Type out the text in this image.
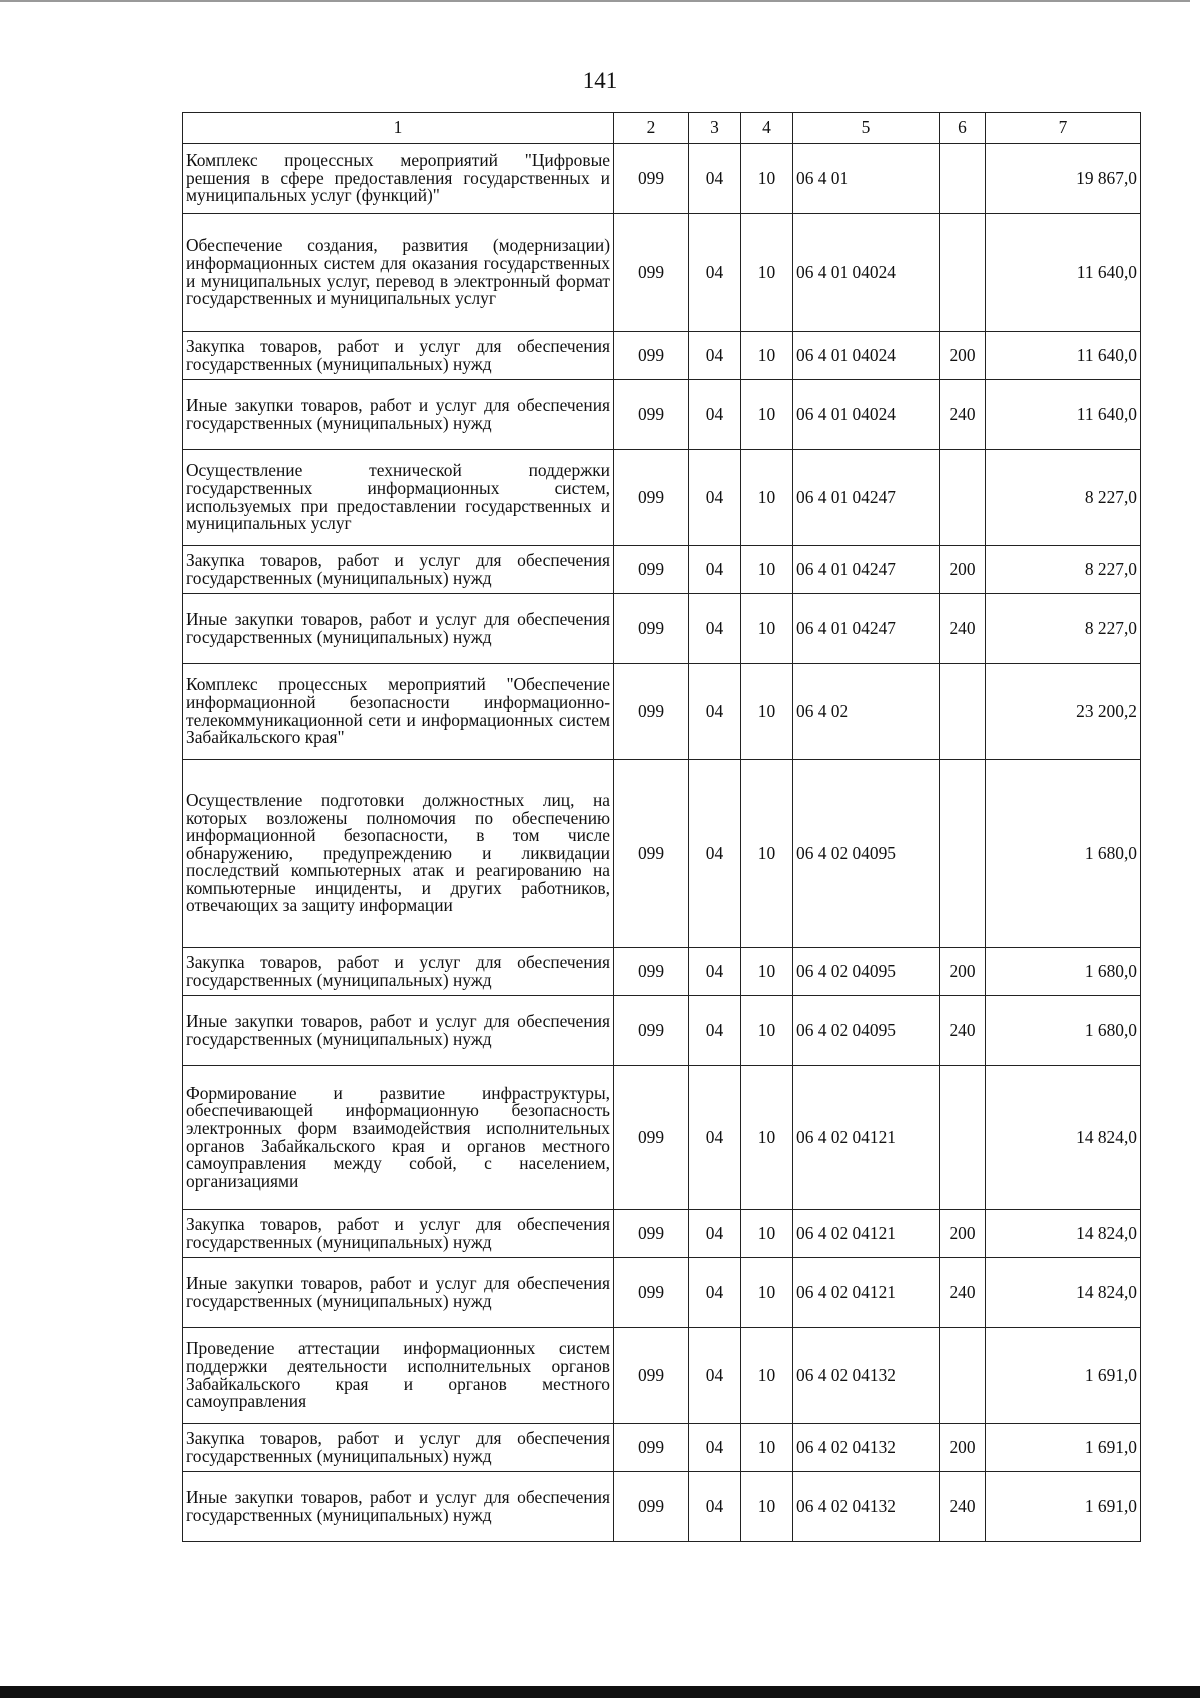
141
1	2	3	4	5	6	7
Комплекс процессных мероприятий "Цифровые решения в сфере предоставления государственных и муниципальных услуг (функций)"	099	04	10	06 4 01		19 867,0
Обеспечение создания, развития (модернизации) информационных систем для оказания государственных и муниципальных услуг, перевод в электронный формат государственных и муниципальных услуг	099	04	10	06 4 01 04024		11 640,0
Закупка товаров, работ и услуг для обеспечения государственных (муниципальных) нужд	099	04	10	06 4 01 04024	200	11 640,0
Иные закупки товаров, работ и услуг для обеспечения государственных (муниципальных) нужд	099	04	10	06 4 01 04024	240	11 640,0
Осуществление технической поддержки государственных информационных систем, используемых при предоставлении государственных и муниципальных услуг	099	04	10	06 4 01 04247		8 227,0
Закупка товаров, работ и услуг для обеспечения государственных (муниципальных) нужд	099	04	10	06 4 01 04247	200	8 227,0
Иные закупки товаров, работ и услуг для обеспечения государственных (муниципальных) нужд	099	04	10	06 4 01 04247	240	8 227,0
Комплекс процессных мероприятий "Обеспечение информационной безопасности информационно-телекоммуникационной сети и информационных систем Забайкальского края"	099	04	10	06 4 02		23 200,2
Осуществление подготовки должностных лиц, на которых возложены полномочия по обеспечению информационной безопасности, в том числе обнаружению, предупреждению и ликвидации последствий компьютерных атак и реагированию на компьютерные инциденты, и других работников, отвечающих за защиту информации	099	04	10	06 4 02 04095		1 680,0
Закупка товаров, работ и услуг для обеспечения государственных (муниципальных) нужд	099	04	10	06 4 02 04095	200	1 680,0
Иные закупки товаров, работ и услуг для обеспечения государственных (муниципальных) нужд	099	04	10	06 4 02 04095	240	1 680,0
Формирование и развитие инфраструктуры, обеспечивающей информационную безопасность электронных форм взаимодействия исполнительных органов Забайкальского края и органов местного самоуправления между собой, с населением, организациями	099	04	10	06 4 02 04121		14 824,0
Закупка товаров, работ и услуг для обеспечения государственных (муниципальных) нужд	099	04	10	06 4 02 04121	200	14 824,0
Иные закупки товаров, работ и услуг для обеспечения государственных (муниципальных) нужд	099	04	10	06 4 02 04121	240	14 824,0
Проведение аттестации информационных систем поддержки деятельности исполнительных органов Забайкальского края и органов местного самоуправления	099	04	10	06 4 02 04132		1 691,0
Закупка товаров, работ и услуг для обеспечения государственных (муниципальных) нужд	099	04	10	06 4 02 04132	200	1 691,0
Иные закупки товаров, работ и услуг для обеспечения государственных (муниципальных) нужд	099	04	10	06 4 02 04132	240	1 691,0
